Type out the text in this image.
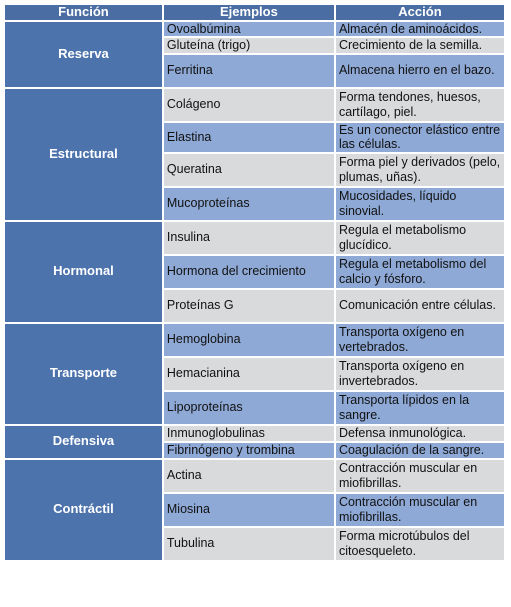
Función	Ejemplos	Acción
Reserva	Ovoalbúmina	Almacén de aminoácidos.
	Gluteína (trigo)	Crecimiento de la semilla.
	Ferritina	Almacena hierro en el bazo.
Estructural	Colágeno	Forma tendones, huesos, cartílago, piel.
	Elastina	Es un conector elástico entre las células.
	Queratina	Forma piel y derivados (pelo, plumas, uñas).
	Mucoproteínas	Mucosidades, líquido sinovial.
Hormonal	Insulina	Regula el metabolismo glucídico.
	Hormona del crecimiento	Regula el metabolismo del calcio y fósforo.
	Proteínas G	Comunicación entre células.
Transporte	Hemoglobina	Transporta oxígeno en vertebrados.
	Hemacianina	Transporta oxígeno en invertebrados.
	Lipoproteínas	Transporta lípidos en la sangre.
Defensiva	Inmunoglobulinas	Defensa inmunológica.
	Fibrinógeno y trombina	Coagulación de la sangre.
Contráctil	Actina	Contracción muscular en miofibrillas.
	Miosina	Contracción muscular en miofibrillas.
	Tubulina	Forma microtúbulos del citoesqueleto.
